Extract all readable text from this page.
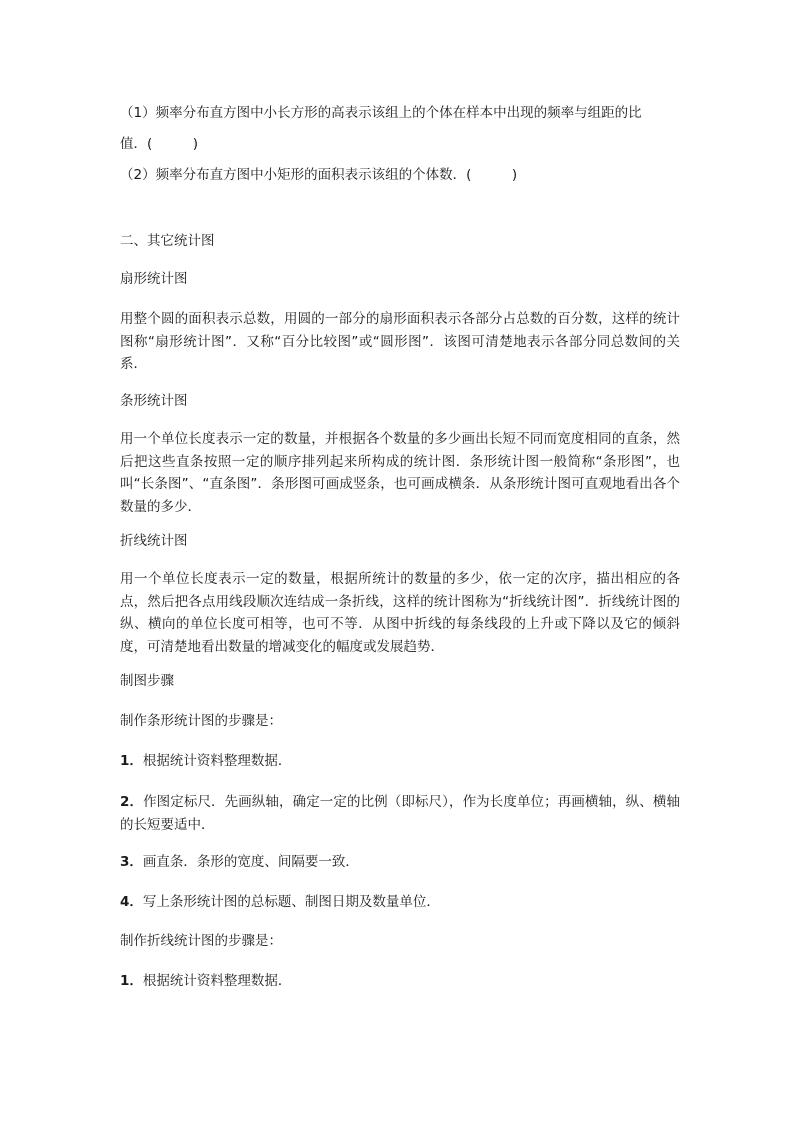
（1）频率分布直方图中小长方形的高表示该组上的个体在样本中出现的频率与组距的比
值．(　　　)
（2）频率分布直方图中小矩形的面积表示该组的个体数．(　　　)
二、其它统计图
扇形统计图
用整个圆的面积表示总数，用圆的一部分的扇形面积表示各部分占总数的百分数，这样的统计图称“扇形统计图”．又称“百分比较图”或“圆形图”．该图可清楚地表示各部分同总数间的关系．
条形统计图
用一个单位长度表示一定的数量，并根据各个数量的多少画出长短不同而宽度相同的直条，然后把这些直条按照一定的顺序排列起来所构成的统计图．条形统计图一般简称“条形图”，也叫“长条图”、“直条图”．条形图可画成竖条，也可画成横条．从条形统计图可直观地看出各个数量的多少．
折线统计图
用一个单位长度表示一定的数量，根据所统计的数量的多少，依一定的次序，描出相应的各点，然后把各点用线段顺次连结成一条折线，这样的统计图称为“折线统计图”．折线统计图的纵、横向的单位长度可相等，也可不等．从图中折线的每条线段的上升或下降以及它的倾斜度，可清楚地看出数量的增减变化的幅度或发展趋势．
制图步骤
制作条形统计图的步骤是：
1．根据统计资料整理数据．
2．作图定标尺．先画纵轴，确定一定的比例（即标尺），作为长度单位；再画横轴，纵、横轴的长短要适中．
3．画直条．条形的宽度、间隔要一致．
4．写上条形统计图的总标题、制图日期及数量单位．
制作折线统计图的步骤是：
1．根据统计资料整理数据．
